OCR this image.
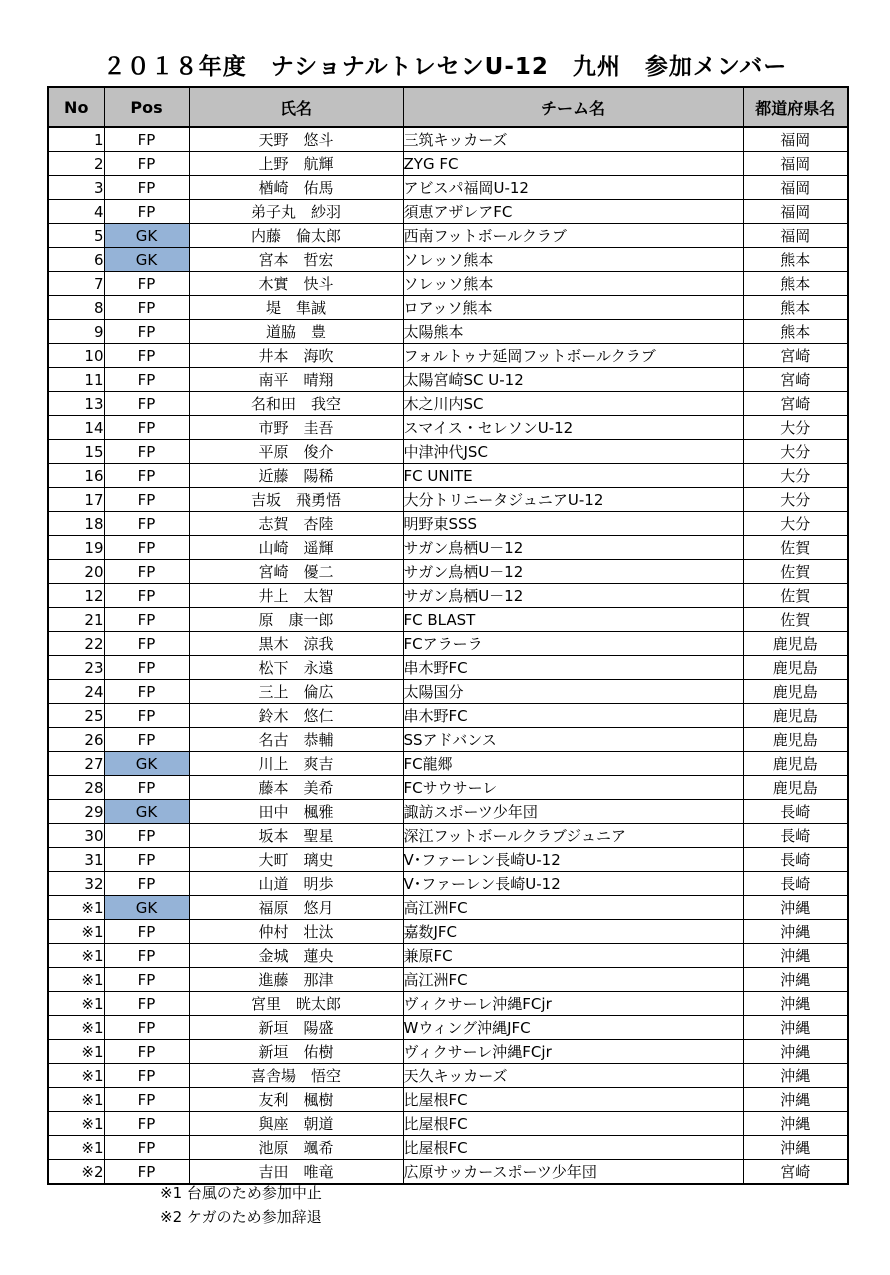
２０１８年度　ナショナルトレセンU-12　九州　参加メンバー
No	Pos	氏名	チーム名	都道府県名
1	FP	天野　悠斗	三筑キッカーズ	福岡
2	FP	上野　航輝	ZYG FC	福岡
3	FP	楢崎　佑馬	アビスパ福岡U-12	福岡
4	FP	弟子丸　紗羽	須恵アザレアFC	福岡
5	GK	内藤　倫太郎	西南フットボールクラブ	福岡
6	GK	宮本　哲宏	ソレッソ熊本	熊本
7	FP	木實　快斗	ソレッソ熊本	熊本
8	FP	堤　隼誠	ロアッソ熊本	熊本
9	FP	道脇　豊	太陽熊本	熊本
10	FP	井本　海吹	フォルトゥナ延岡フットボールクラブ	宮崎
11	FP	南平　晴翔	太陽宮崎SC U-12	宮崎
13	FP	名和田　我空	木之川内SC	宮崎
14	FP	市野　圭吾	スマイス・セレソンU-12	大分
15	FP	平原　俊介	中津沖代JSC	大分
16	FP	近藤　陽稀	FC UNITE	大分
17	FP	吉坂　飛勇悟	大分トリニータジュニアU-12	大分
18	FP	志賀　杏陸	明野東SSS	大分
19	FP	山崎　遥輝	サガン鳥栖U－12	佐賀
20	FP	宮崎　優二	サガン鳥栖U－12	佐賀
12	FP	井上　太智	サガン鳥栖U－12	佐賀
21	FP	原　康一郎	FC BLAST	佐賀
22	FP	黒木　涼我	FCアラーラ	鹿児島
23	FP	松下　永遠	串木野FC	鹿児島
24	FP	三上　倫広	太陽国分	鹿児島
25	FP	鈴木　悠仁	串木野FC	鹿児島
26	FP	名古　恭輔	SSアドバンス	鹿児島
27	GK	川上　爽吉	FC龍郷	鹿児島
28	FP	藤本　美希	FCサウサーレ	鹿児島
29	GK	田中　楓雅	諏訪スポーツ少年団	長崎
30	FP	坂本　聖星	深江フットボールクラブジュニア	長崎
31	FP	大町　璃史	V･ファーレン長崎U-12	長崎
32	FP	山道　明歩	V･ファーレン長崎U-12	長崎
※1	GK	福原　悠月	高江洲FC	沖縄
※1	FP	仲村　壮汰	嘉数JFC	沖縄
※1	FP	金城　蓮央	兼原FC	沖縄
※1	FP	進藤　那津	高江洲FC	沖縄
※1	FP	宮里　晄太郎	ヴィクサーレ沖縄FCjr	沖縄
※1	FP	新垣　陽盛	Wウィング沖縄JFC	沖縄
※1	FP	新垣　佑樹	ヴィクサーレ沖縄FCjr	沖縄
※1	FP	喜舎場　悟空	天久キッカーズ	沖縄
※1	FP	友利　楓樹	比屋根FC	沖縄
※1	FP	與座　朝道	比屋根FC	沖縄
※1	FP	池原　颯希	比屋根FC	沖縄
※2	FP	吉田　唯竜	広原サッカースポーツ少年団	宮崎
※1 台風のため参加中止
※2 ケガのため参加辞退
